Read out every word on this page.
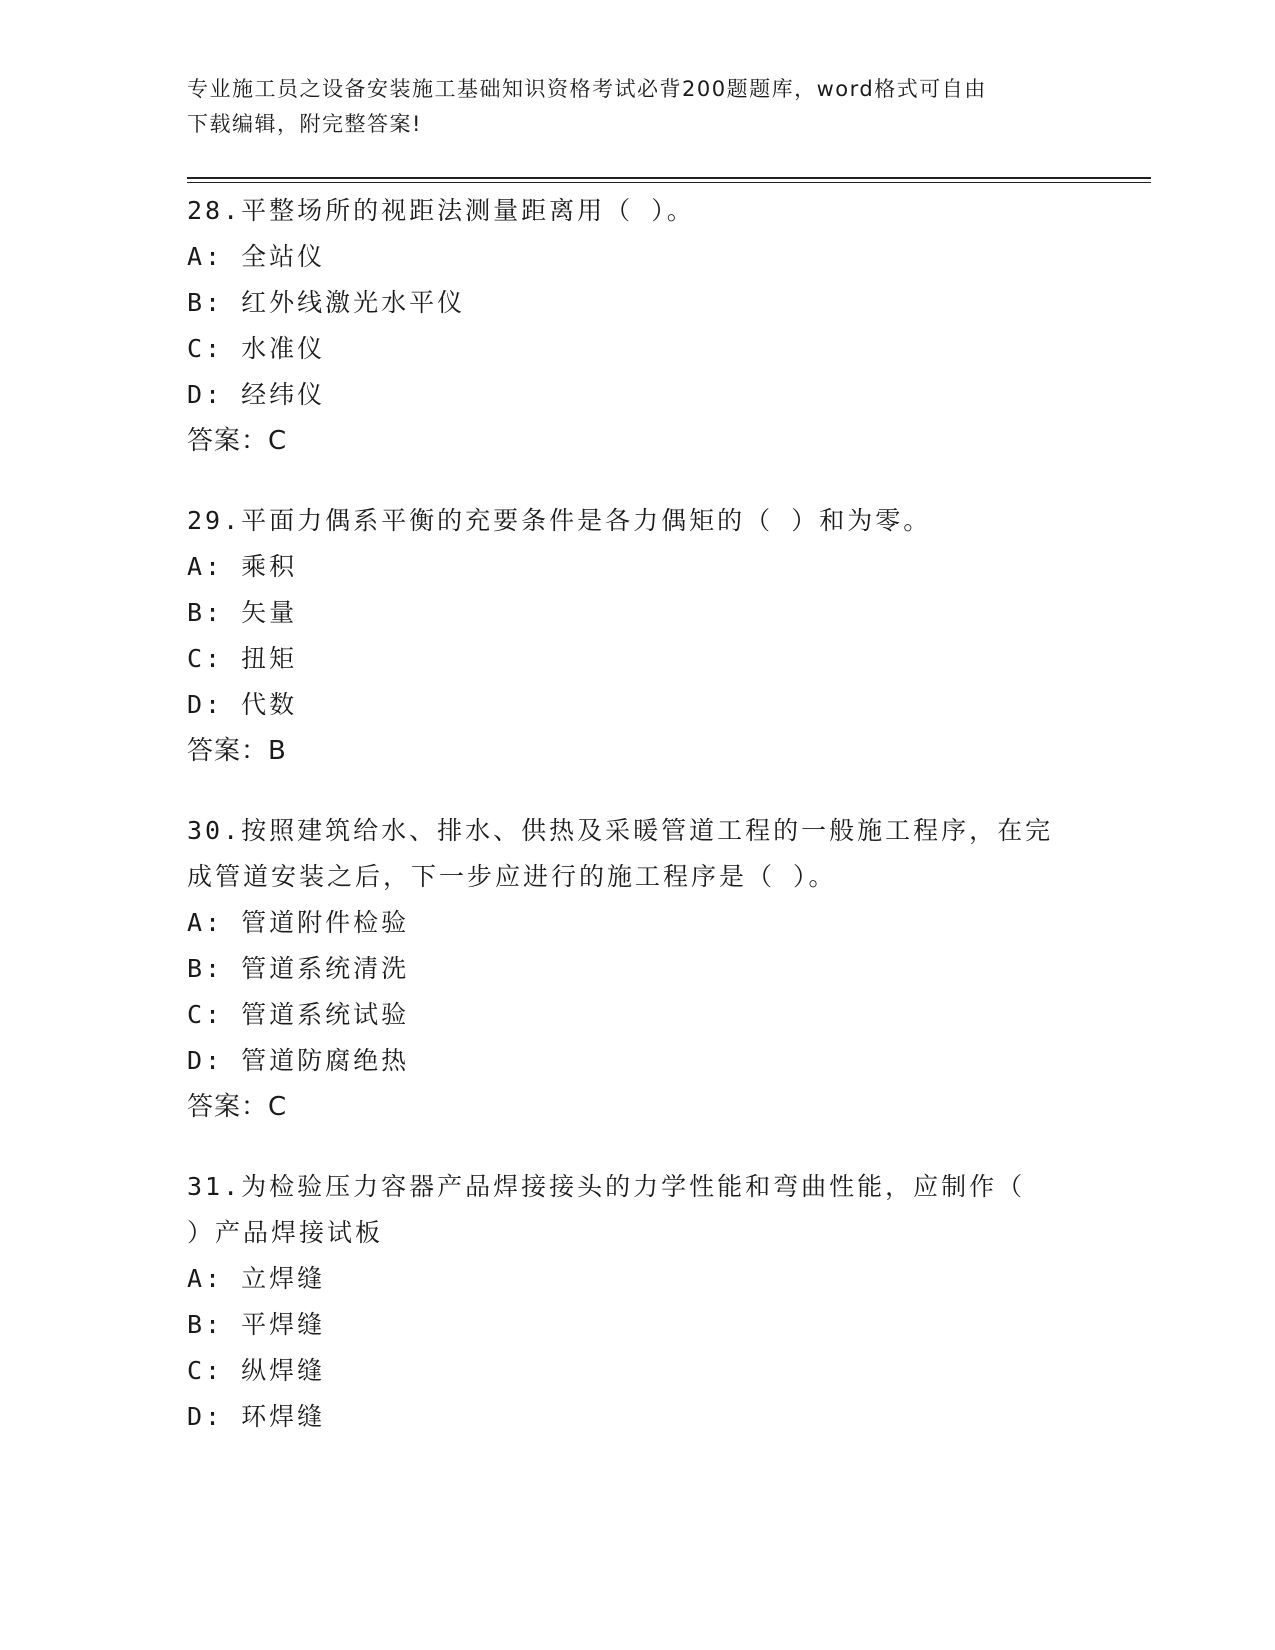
专业施工员之设备安装施工基础知识资格考试必背200题题库，word格式可自由
下载编辑，附完整答案!
28.平整场所的视距法测量距离用（ ）。
A: 全站仪
B: 红外线激光水平仪
C: 水准仪
D: 经纬仪
答案：C
29.平面力偶系平衡的充要条件是各力偶矩的（ ）和为零。
A: 乘积
B: 矢量
C: 扭矩
D: 代数
答案：B
30.按照建筑给水、排水、供热及采暖管道工程的一般施工程序，在完
成管道安装之后，下一步应进行的施工程序是（ ）。
A: 管道附件检验
B: 管道系统清洗
C: 管道系统试验
D: 管道防腐绝热
答案：C
31.为检验压力容器产品焊接接头的力学性能和弯曲性能，应制作（
）产品焊接试板
A: 立焊缝
B: 平焊缝
C: 纵焊缝
D: 环焊缝
